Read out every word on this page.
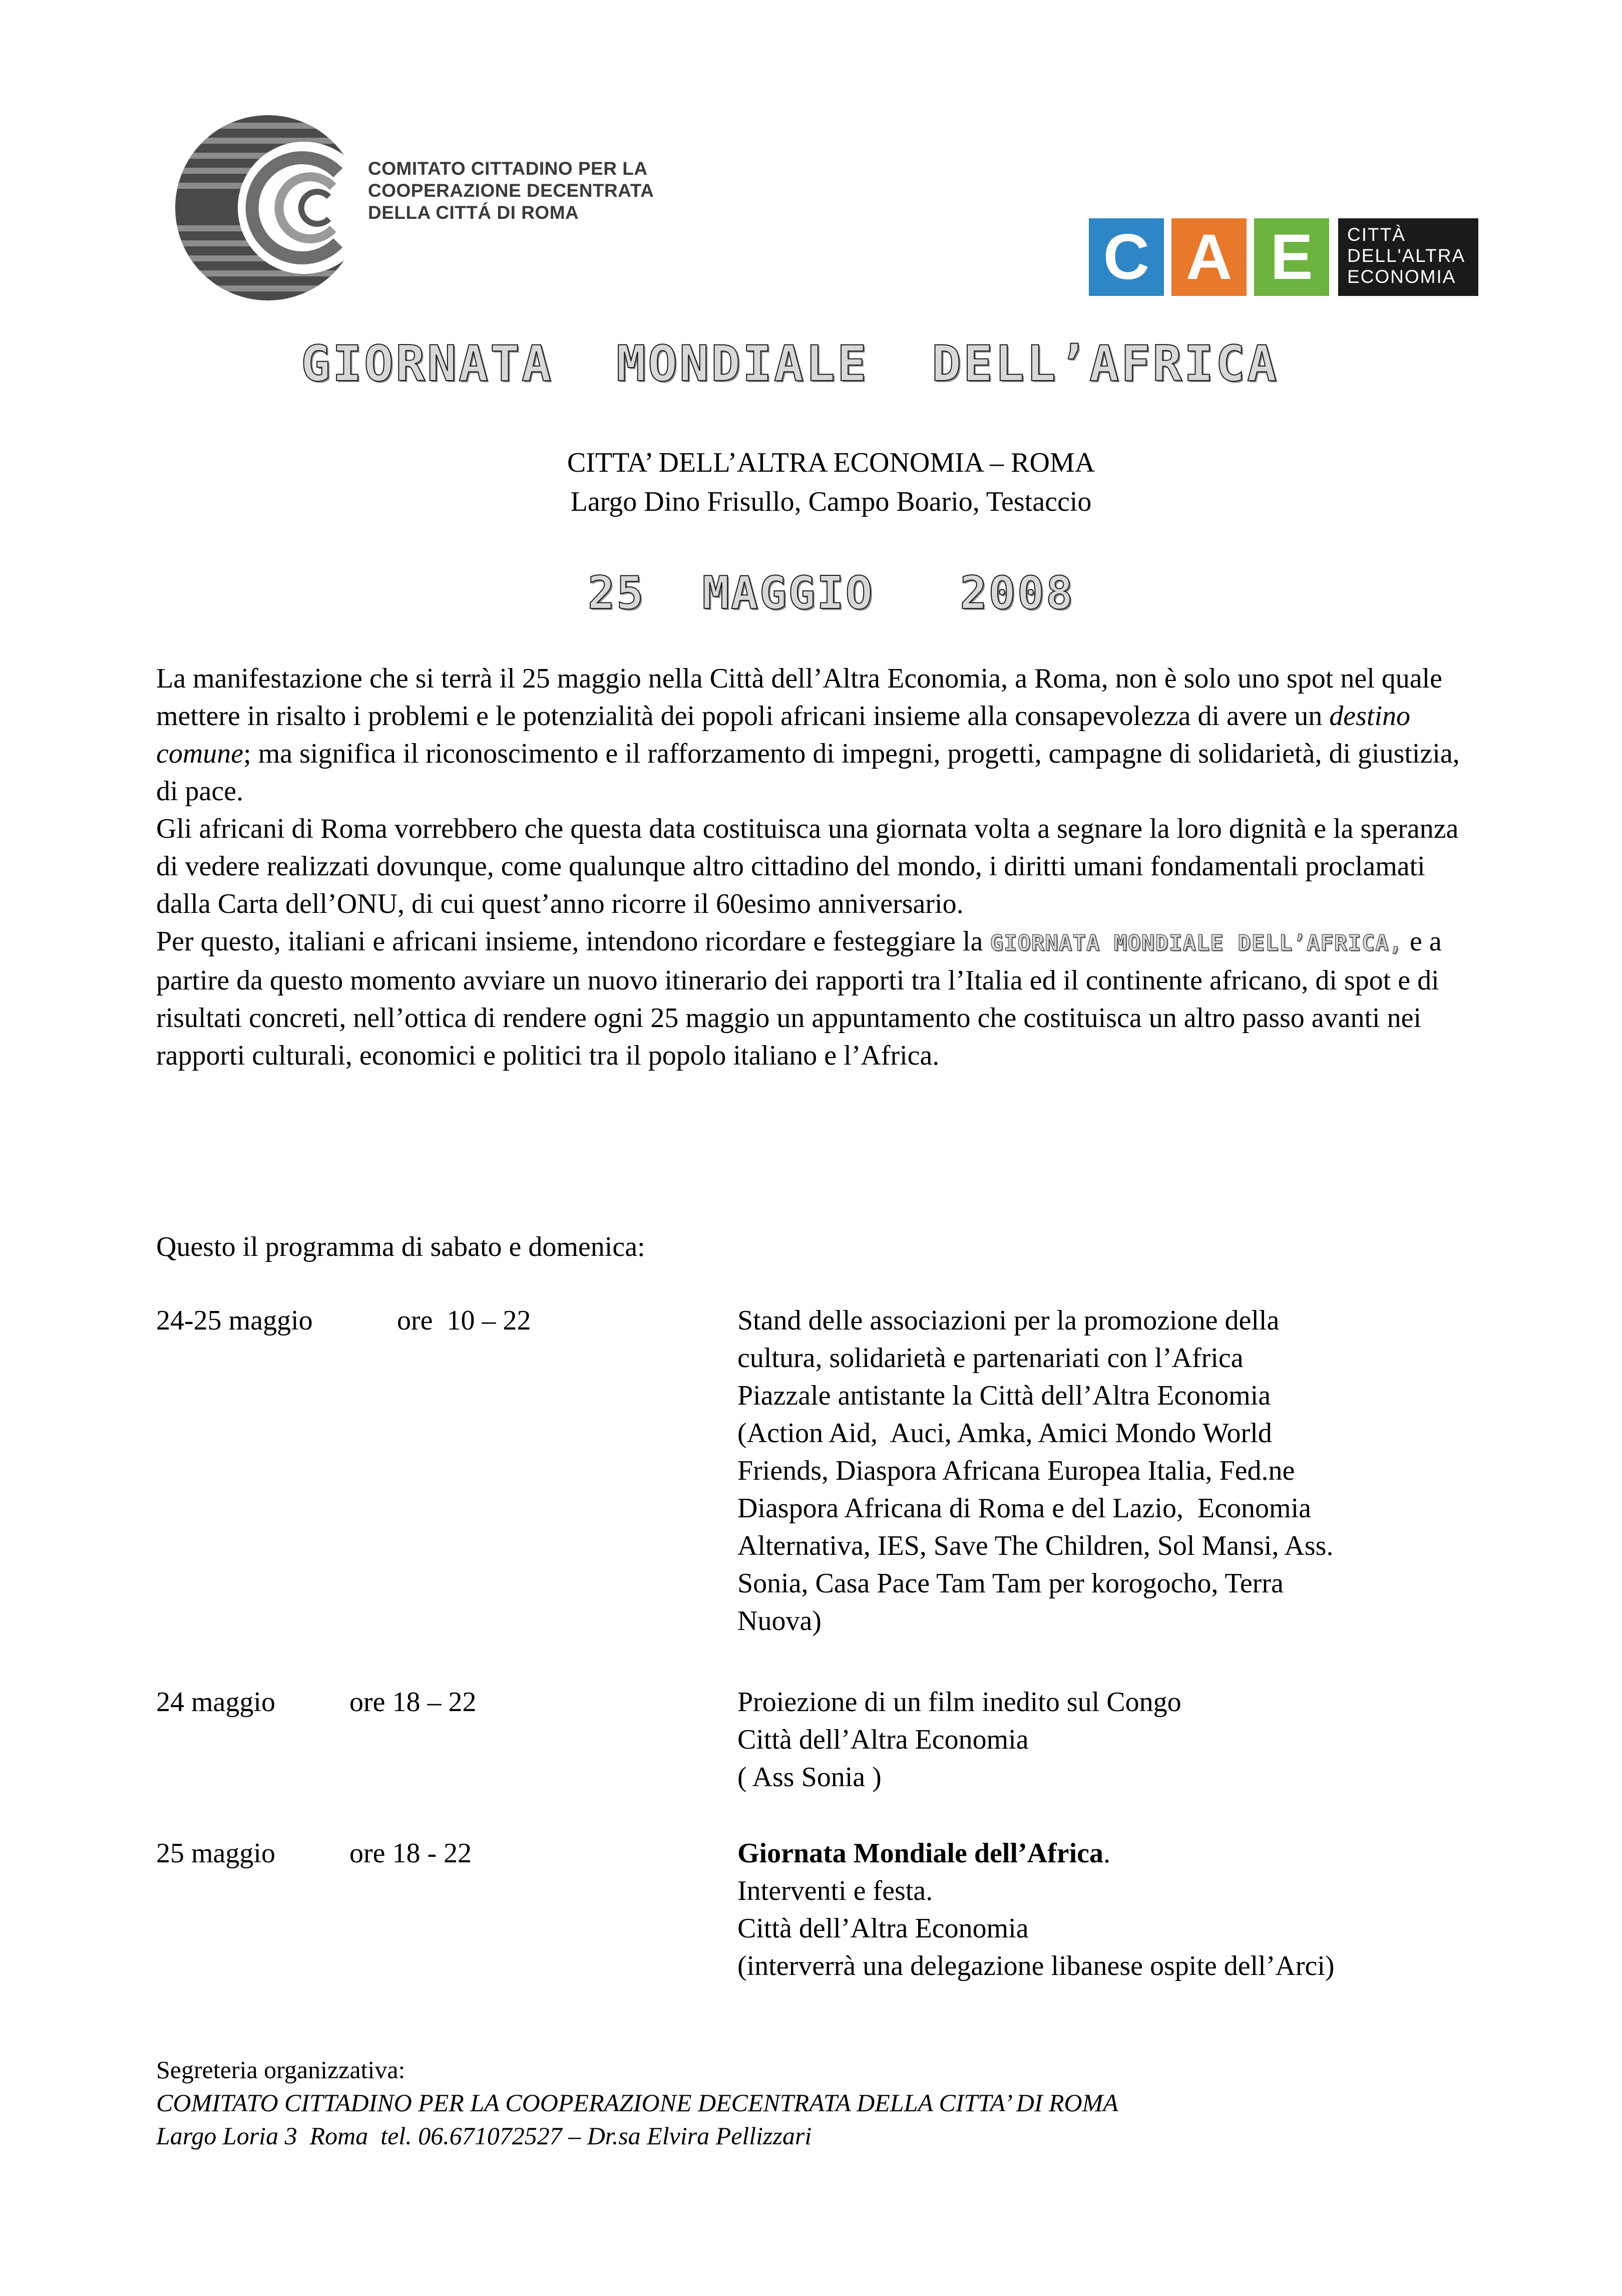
COMITATO CITTADINO PER LA
COOPERAZIONE DECENTRATA
DELLA CITTÁ DI ROMA
C A E	CITTÀ
DELL'ALTRA
ECONOMIA
GIORNATA  MONDIALE  DELL’AFRICA
CITTA’ DELL’ALTRA ECONOMIA – ROMA
Largo Dino Frisullo, Campo Boario, Testaccio
25  MAGGIO   2008

La manifestazione che si terrà il 25 maggio nella Città dell’Altra Economia, a Roma, non è solo uno spot nel quale mettere in risalto i problemi e le potenzialità dei popoli africani insieme alla consapevolezza di avere un destino comune; ma significa il riconoscimento e il rafforzamento di impegni, progetti, campagne di solidarietà, di giustizia, di pace.

Gli africani di Roma vorrebbero che questa data costituisca una giornata volta a segnare la loro dignità e la speranza di vedere realizzati dovunque, come qualunque altro cittadino del mondo, i diritti umani fondamentali proclamati dalla Carta dell’ONU, di cui quest’anno ricorre il 60esimo anniversario.

Per questo, italiani e africani insieme, intendono ricordare e festeggiare la GIORNATA MONDIALE DELL’AFRICA, e a partire da questo momento avviare un nuovo itinerario dei rapporti tra l’Italia ed il continente africano, di spot e di risultati concreti, nell’ottica di rendere ogni 25 maggio un appuntamento che costituisca un altro passo avanti nei rapporti culturali, economici e politici tra il popolo italiano e l’Africa.

Questo il programma di sabato e domenica:
24-25 maggio	ore  10 – 22	Stand delle associazioni per la promozione della
cultura, solidarietà e partenariati con l’Africa
Piazzale antistante la Città dell’Altra Economia
(Action Aid,  Auci, Amka, Amici Mondo World
Friends, Diaspora Africana Europea Italia, Fed.ne
Diaspora Africana di Roma e del Lazio,  Economia
Alternativa, IES, Save The Children, Sol Mansi, Ass.
Sonia, Casa Pace Tam Tam per korogocho, Terra
Nuova)
24 maggio	ore 18 – 22	Proiezione di un film inedito sul Congo
Città dell’Altra Economia
( Ass Sonia )
25 maggio	ore 18 - 22	Giornata Mondiale dell’Africa.
Interventi e festa.
Città dell’Altra Economia
(interverrà una delegazione libanese ospite dell’Arci)
Segreteria organizzativa:
COMITATO CITTADINO PER LA COOPERAZIONE DECENTRATA DELLA CITTA’ DI ROMA
Largo Loria 3  Roma  tel. 06.671072527 – Dr.sa Elvira Pellizzari
